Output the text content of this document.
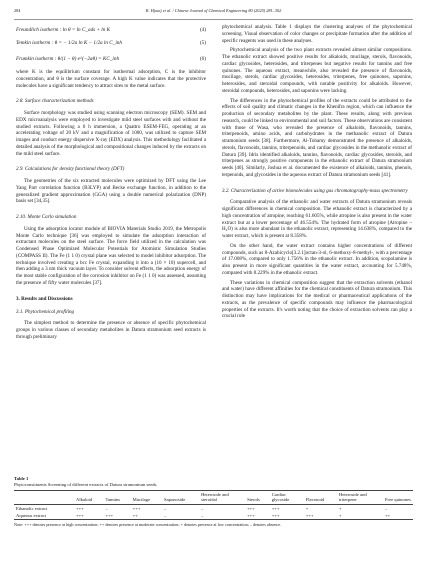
284	K. Hjouij et al. / Chinese Journal of Chemical Engineering 80 (2025) 281–302
Freundlich isotherm : ln θ = ln C_ads + ln K	(4)
Temkin isotherm : θ = − 1/2a ln K − 1/2a ln C_inh	(5)
Frumkin isotherm : θ/(1 − θ) e^(−2aθ) = KC_inh	(6)

where K is the equilibrium constant for isothermal adsorption, C is the inhibitor concentration, and θ is the surface coverage. A high K value indicates that the protective molecules have a significant tendency to attract sites to the metal surface.

2.8. Surface characterization methods

Surface morphology was studied using scanning electron microscopy (SEM). SEM and EDX microanalysis were employed to investigate mild steel surfaces with and without the studied extracts. Following a 6 h immersion, a Quattro ESEM-FEG, operating at an accelerating voltage of 20 kV and a magnification of 1000, was utilized to capture SEM images and conduct energy dispersive X-ray (EDX) analysis. This methodology facilitated a detailed analysis of the morphological and compositional changes induced by the extracts on the mild steel surface.

2.9. Calculations for density functional theory (DFT)

The geometries of the six extracted molecules were optimized by DFT using the Lee Yang Parr correlation function (B3LYP) and Becke exchange function, in addition to the generalized gradient approximation (GGA) using a double numerical polarization (DNP) basis set [34,35].

2.10. Monte Carlo simulation

Using the adsorption locator module of BIOVIA Materials Studio 2019, the Metropolis Monte Carlo technique [36] was employed to simulate the adsorption interaction of extractant molecules on the steel surface. The force field utilized in the calculation was Condensed Phase Optimized Molecular Potentials for Atomistic Simulation Studies (COMPASS II). The Fe (1 1 0) crystal plane was selected to model inhibitor adsorption. The technique involved creating a bcc Fe crystal, expanding it into a (10 × 10) supercell, and then adding a 3 nm thick vacuum layer. To consider solvent effects, the adsorption energy of the most stable configuration of the corrosion inhibitor on Fe (1 1 0) was assessed, assuming the presence of fifty water molecules [37].

3. Results and Discussions
3.1. Phytochemical profiling

The simplest method to determine the presence or absence of specific phytochemical groups in various classes of secondary metabolites in Datura stramonium seed extracts is through preliminary

phytochemical analysis. Table 1 displays the clustering analyses of the phytochemical screening. Visual observation of color changes or precipitate formation after the addition of specific reagents was used in these analyses.

Phytochemical analysis of the two plant extracts revealed almost similar compositions. The ethanolic extract showed positive results for alkaloids, mucilage, sterols, flavonoids, cardiac glycosides, heterosides, and triterpenes but negative results for tannins and free quinones. The aqueous extract, meanwhile, also revealed the presence of flavonoids, mucilage, sterols, cardiac glycosides, heterosides, triterpenes, free quinones, saponins, heterosides, and steroidal compounds, with notable positivity for alkaloids. However, steroidal compounds, heterosides, and saponins were lacking.

The differences in the phytochemical profiles of the extracts could be attributed to the effects of soil quality and climatic changes in the Khenifra region, which can influence the production of secondary metabolites by the plant. These results, along with previous research, could be linked to environmental and soil factors. These observations are consistent with those of Wasa, who revealed the presence of alkaloids, flavonoids, tannins, triterpenoids, amino acids, and carbohydrates in the methanolic extract of Datura stramonium seeds [38]. Furthermore, Al-Tohamy demonstrated the presence of alkaloids, sterols, flavonoids, tannins, triterpenoids, and cardiac glycosides in the methanolic extract of Datura [39]. Idris identified alkaloids, tannins, flavonoids, cardiac glycosides, steroids, and triterpenes as strongly positive components in the ethanolic extract of Datura stramonium seeds [40]. Similarly, Joshua et al. documented the existence of alkaloids, tannins, phenols, terpenoids, and glycosides in the aqueous extract of Datura stramonium seeds [41].

3.2. Characterization of active biomolecules using gas chromatography-mass spectrometry

Comparative analysis of the ethanolic and water extracts of Datura stramonium reveals significant differences in chemical composition. The ethanolic extract is characterized by a high concentration of atropine, reaching 61.605%, while atropine is also present in the water extract but at a lower percentage of 46.554%. The hydrated form of atropine (Atropine – H₂O) is also more abundant in the ethanolic extract, representing 14.638%, compared to the water extract, which is present at 8.358%.

On the other hand, the water extract contains higher concentrations of different compounds, such as 8-Azabicyclo[3.2.1]octan-3-ol, 6-methoxy-8-methyl-, with a percentage of 17.008%, compared to only 1.756% in the ethanolic extract. In addition, scopolamine is also present in more significant quantities in the water extract, accounting for 5.748%, compared with 8.229% in the ethanolic extract.

These variations in chemical composition suggest that the extraction solvents (ethanol and water) have different affinities for the chemical constituents of Datura stramonium. This distinction may have implications for the medical or pharmaceutical applications of the extracts, as the prevalence of specific compounds may influence the pharmacological properties of the extracts. It's worth noting that the choice of extraction solvents can play a crucial role

Table 1
Phytoconstituents Screening of different extracts of Datura stramonium seeds.
	Alkaloid	Tannins	Mucilage	Saponoside	Heteroside and steroidal	Sterols	Cardiac glycoside	Flavonoid	Heteroside and triterpene	Free quinones
Ethanolic extract	+++	–	+++	–	–	+++	+++	+	+	–
Aqueous extract	+++	+++	++	–	–	+++	+++	+++	+	++
Note: +++ denotes presence at high concentration; ++ denotes presence at moderate concentration; + denotes presence at low concentration; – denotes absence.
